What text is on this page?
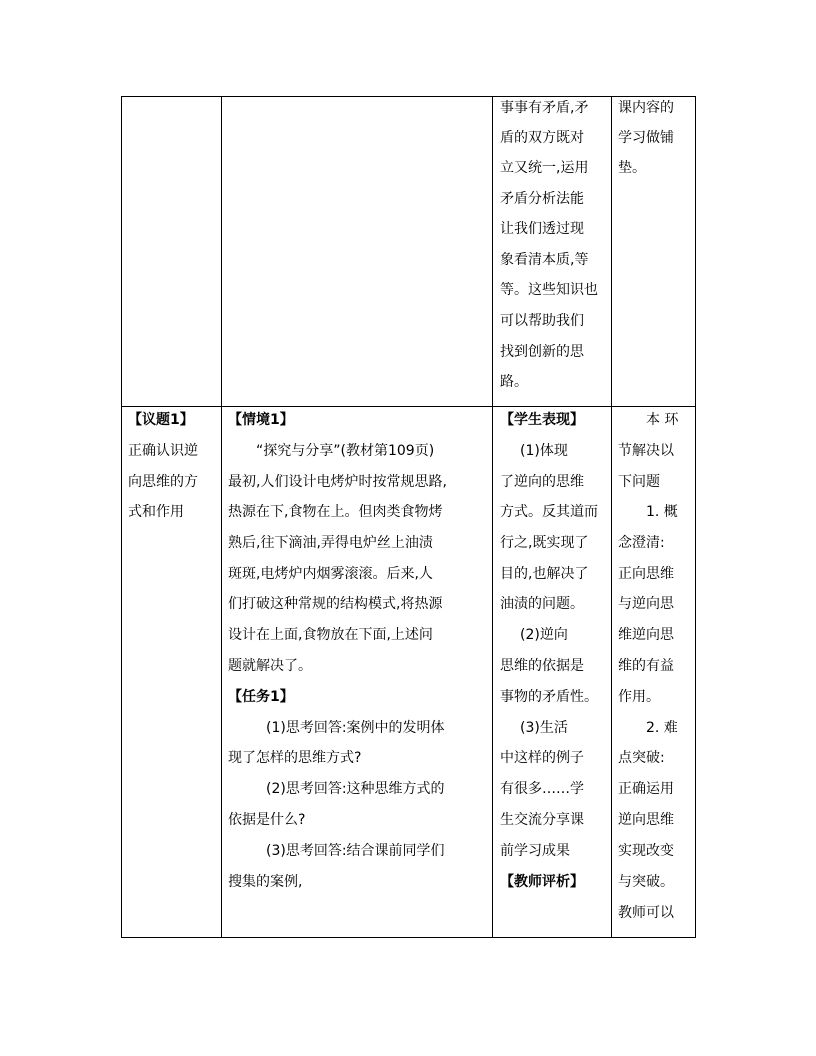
事事有矛盾,矛
盾的双方既对
立又统一,运用
矛盾分析法能
让我们透过现
象看清本质,等
等。这些知识也
可以帮助我们
找到创新的思
路。
课内容的
学习做铺
垫。
【议题1】
正确认识逆
向思维的方
式和作用
【情境1】
“探究与分享”(教材第109页)
最初,人们设计电烤炉时按常规思路,
热源在下,食物在上。但肉类食物烤
熟后,往下滴油,弄得电炉丝上油渍
斑斑,电烤炉内烟雾滚滚。后来,人
们打破这种常规的结构模式,将热源
设计在上面,食物放在下面,上述问
题就解决了。
【任务1】
(1)思考回答:案例中的发明体
现了怎样的思维方式?
(2)思考回答:这种思维方式的
依据是什么?
(3)思考回答:结合课前同学们
搜集的案例,
【学生表现】
(1)体现
了逆向的思维
方式。反其道而
行之,既实现了
目的,也解决了
油渍的问题。
(2)逆向
思维的依据是
事物的矛盾性。
(3)生活
中这样的例子
有很多……学
生交流分享课
前学习成果
【教师评析】
本 环
节解决以
下问题
1. 概
念澄清:
正向思维
与逆向思
维逆向思
维的有益
作用。
2. 难
点突破:
正确运用
逆向思维
实现改变
与突破。
教师可以
